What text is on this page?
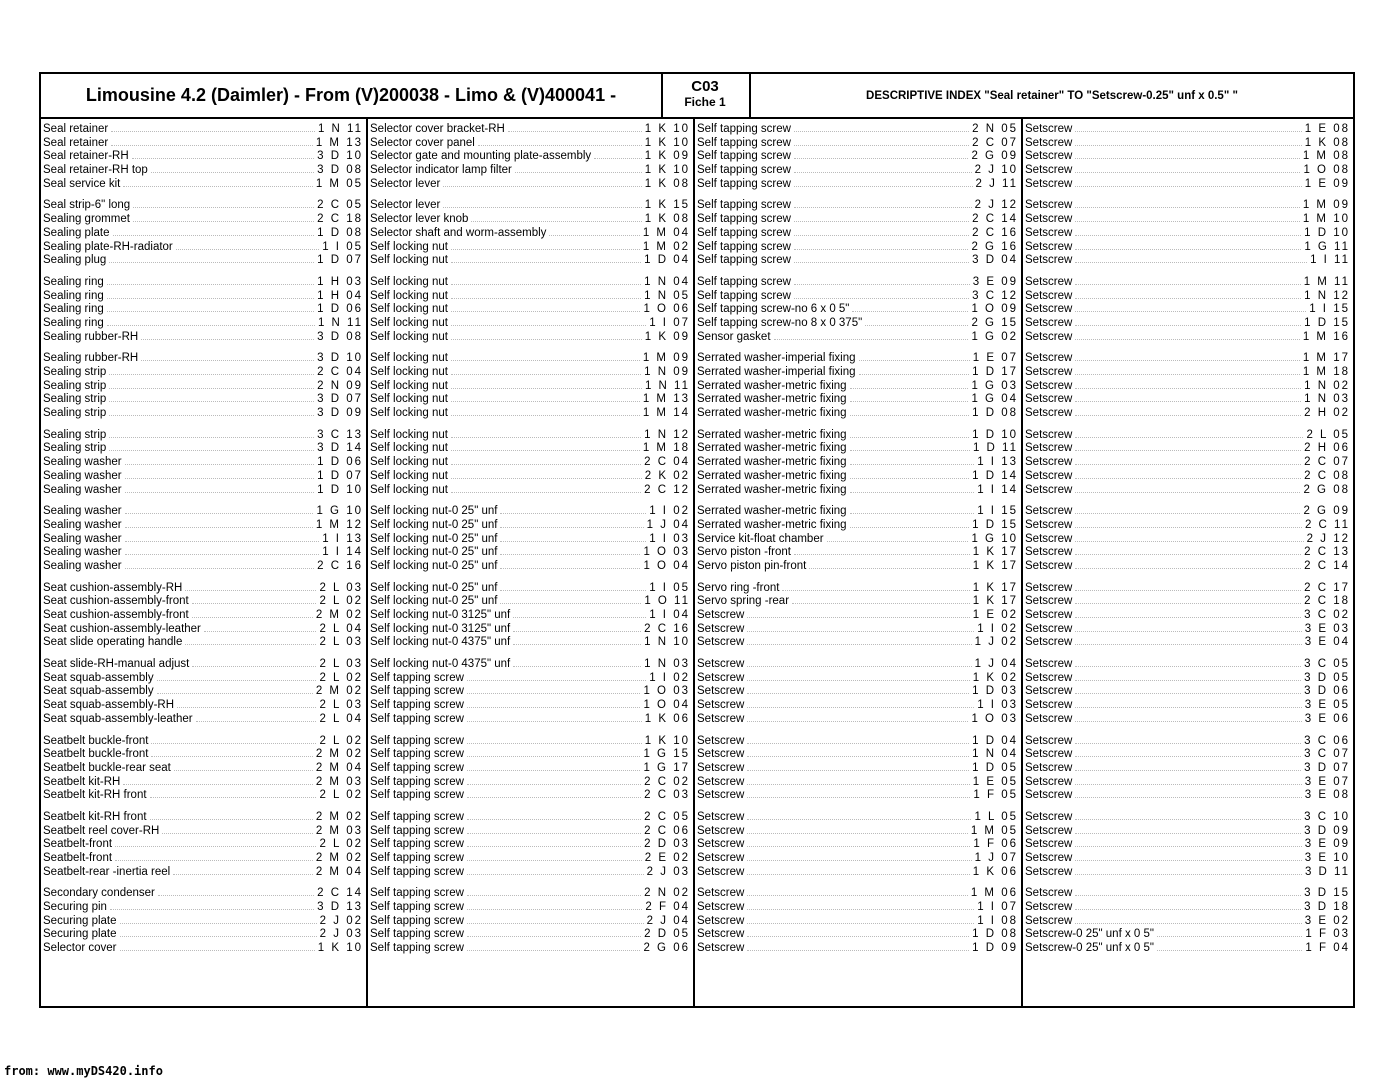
Limousine 4.2 (Daimler) - From (V)200038 - Limo & (V)400041 -	C03
Fiche 1	DESCRIPTIVE INDEX "Seal retainer" TO "Setscrew-0.25" unf x 0.5" "
Seal retainer	1 N 11
Seal retainer	1 M 13
Seal retainer-RH	3 D 10
Seal retainer-RH top	3 D 08
Seal service kit	1 M 05
Seal strip-6" long	2 C 05
Sealing grommet	2 C 18
Sealing plate	1 D 08
Sealing plate-RH-radiator	1 I 05
Sealing plug	1 D 07
Sealing ring	1 H 03
Sealing ring	1 H 04
Sealing ring	1 D 06
Sealing ring	1 N 11
Sealing rubber-RH	3 D 08
Sealing rubber-RH	3 D 10
Sealing strip	2 C 04
Sealing strip	2 N 09
Sealing strip	3 D 07
Sealing strip	3 D 09
Sealing strip	3 C 13
Sealing strip	3 D 14
Sealing washer	1 D 06
Sealing washer	1 D 07
Sealing washer	1 D 10
Sealing washer	1 G 10
Sealing washer	1 M 12
Sealing washer	1 I 13
Sealing washer	1 I 14
Sealing washer	2 C 16
Seat cushion-assembly-RH	2 L 03
Seat cushion-assembly-front	2 L 02
Seat cushion-assembly-front	2 M 02
Seat cushion-assembly-leather	2 L 04
Seat slide operating handle	2 L 03
Seat slide-RH-manual adjust	2 L 03
Seat squab-assembly	2 L 02
Seat squab-assembly	2 M 02
Seat squab-assembly-RH	2 L 03
Seat squab-assembly-leather	2 L 04
Seatbelt buckle-front	2 L 02
Seatbelt buckle-front	2 M 02
Seatbelt buckle-rear seat	2 M 04
Seatbelt kit-RH	2 M 03
Seatbelt kit-RH front	2 L 02
Seatbelt kit-RH front	2 M 02
Seatbelt reel cover-RH	2 M 03
Seatbelt-front	2 L 02
Seatbelt-front	2 M 02
Seatbelt-rear -inertia reel	2 M 04
Secondary condenser	2 C 14
Securing pin	3 D 13
Securing plate	2 J 02
Securing plate	2 J 03
Selector cover	1 K 10
Selector cover bracket-RH	1 K 10
Selector cover panel	1 K 10
Selector gate and mounting plate-assembly	1 K 09
Selector indicator lamp filter	1 K 10
Selector lever	1 K 08
Selector lever	1 K 15
Selector lever knob	1 K 08
Selector shaft and worm-assembly	1 M 04
Self locking nut	1 M 02
Self locking nut	1 D 04
Self locking nut	1 N 04
Self locking nut	1 N 05
Self locking nut	1 O 06
Self locking nut	1 I 07
Self locking nut	1 K 09
Self locking nut	1 M 09
Self locking nut	1 N 09
Self locking nut	1 N 11
Self locking nut	1 M 13
Self locking nut	1 M 14
Self locking nut	1 N 12
Self locking nut	1 M 18
Self locking nut	2 C 04
Self locking nut	2 K 02
Self locking nut	2 C 12
Self locking nut-0 25" unf	1 I 02
Self locking nut-0 25" unf	1 J 04
Self locking nut-0 25" unf	1 I 03
Self locking nut-0 25" unf	1 O 03
Self locking nut-0 25" unf	1 O 04
Self locking nut-0 25" unf	1 I 05
Self locking nut-0 25" unf	1 O 11
Self locking nut-0 3125" unf	1 I 04
Self locking nut-0 3125" unf	2 C 16
Self locking nut-0 4375" unf	1 N 10
Self locking nut-0 4375" unf	1 N 03
Self tapping screw	1 I 02
Self tapping screw	1 O 03
Self tapping screw	1 O 04
Self tapping screw	1 K 06
Self tapping screw	1 K 10
Self tapping screw	1 G 15
Self tapping screw	1 G 17
Self tapping screw	2 C 02
Self tapping screw	2 C 03
Self tapping screw	2 C 05
Self tapping screw	2 C 06
Self tapping screw	2 D 03
Self tapping screw	2 E 02
Self tapping screw	2 J 03
Self tapping screw	2 N 02
Self tapping screw	2 F 04
Self tapping screw	2 J 04
Self tapping screw	2 D 05
Self tapping screw	2 G 06
Self tapping screw	2 N 05
Self tapping screw	2 C 07
Self tapping screw	2 G 09
Self tapping screw	2 J 10
Self tapping screw	2 J 11
Self tapping screw	2 J 12
Self tapping screw	2 C 14
Self tapping screw	2 C 16
Self tapping screw	2 G 16
Self tapping screw	3 D 04
Self tapping screw	3 E 09
Self tapping screw	3 C 12
Self tapping screw-no 6 x 0 5"	1 O 09
Self tapping screw-no 8 x 0 375"	2 G 15
Sensor gasket	1 G 02
Serrated washer-imperial fixing	1 E 07
Serrated washer-imperial fixing	1 D 17
Serrated washer-metric fixing	1 G 03
Serrated washer-metric fixing	1 G 04
Serrated washer-metric fixing	1 D 08
Serrated washer-metric fixing	1 D 10
Serrated washer-metric fixing	1 D 11
Serrated washer-metric fixing	1 I 13
Serrated washer-metric fixing	1 D 14
Serrated washer-metric fixing	1 I 14
Serrated washer-metric fixing	1 I 15
Serrated washer-metric fixing	1 D 15
Service kit-float chamber	1 G 10
Servo piston -front	1 K 17
Servo piston pin-front	1 K 17
Servo ring -front	1 K 17
Servo spring -rear	1 K 17
Setscrew	1 E 02
Setscrew	1 I 02
Setscrew	1 J 02
Setscrew	1 J 04
Setscrew	1 K 02
Setscrew	1 D 03
Setscrew	1 I 03
Setscrew	1 O 03
Setscrew	1 D 04
Setscrew	1 N 04
Setscrew	1 D 05
Setscrew	1 E 05
Setscrew	1 F 05
Setscrew	1 L 05
Setscrew	1 M 05
Setscrew	1 F 06
Setscrew	1 J 07
Setscrew	1 K 06
Setscrew	1 M 06
Setscrew	1 I 07
Setscrew	1 I 08
Setscrew	1 D 08
Setscrew	1 D 09
Setscrew	1 E 08
Setscrew	1 K 08
Setscrew	1 M 08
Setscrew	1 O 08
Setscrew	1 E 09
Setscrew	1 M 09
Setscrew	1 M 10
Setscrew	1 D 10
Setscrew	1 G 11
Setscrew	1 I 11
Setscrew	1 M 11
Setscrew	1 N 12
Setscrew	1 I 15
Setscrew	1 D 15
Setscrew	1 M 16
Setscrew	1 M 17
Setscrew	1 M 18
Setscrew	1 N 02
Setscrew	1 N 03
Setscrew	2 H 02
Setscrew	2 L 05
Setscrew	2 H 06
Setscrew	2 C 07
Setscrew	2 C 08
Setscrew	2 G 08
Setscrew	2 G 09
Setscrew	2 C 11
Setscrew	2 J 12
Setscrew	2 C 13
Setscrew	2 C 14
Setscrew	2 C 17
Setscrew	2 C 18
Setscrew	3 C 02
Setscrew	3 E 03
Setscrew	3 E 04
Setscrew	3 C 05
Setscrew	3 D 05
Setscrew	3 D 06
Setscrew	3 E 05
Setscrew	3 E 06
Setscrew	3 C 06
Setscrew	3 C 07
Setscrew	3 D 07
Setscrew	3 E 07
Setscrew	3 E 08
Setscrew	3 C 10
Setscrew	3 D 09
Setscrew	3 E 09
Setscrew	3 E 10
Setscrew	3 D 11
Setscrew	3 D 15
Setscrew	3 D 18
Setscrew	3 E 02
Setscrew-0 25" unf x 0 5"	1 F 03
Setscrew-0 25" unf x 0 5"	1 F 04
from: www.myDS420.info
